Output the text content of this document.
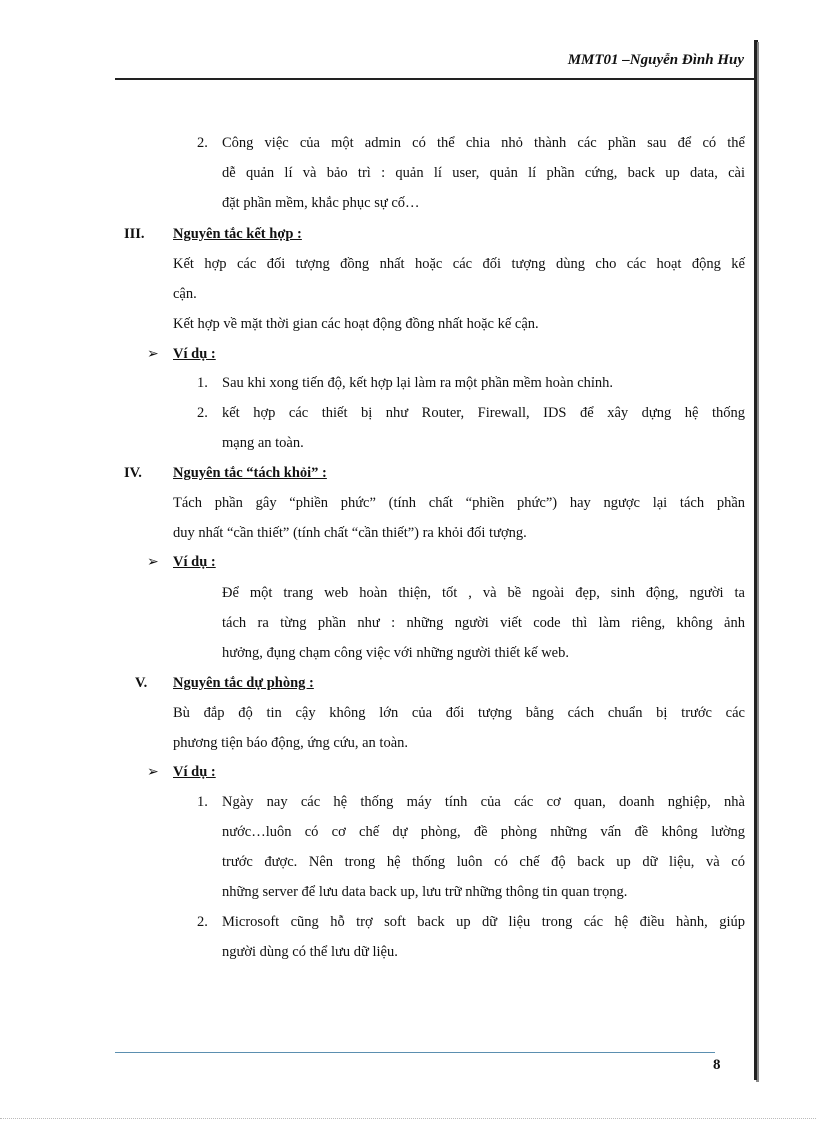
MMT01 –Nguyễn Đình Huy
2. Công việc của một admin có thể chia nhỏ thành các phần sau để có thể
dễ quản lí và bảo trì : quản lí user, quản lí phần cứng, back up data, cài
đặt phần mềm, khắc phục sự cố…
III. Nguyên tắc kết hợp :
Kết hợp các đối tượng đồng nhất hoặc các đối tượng dùng cho các hoạt động kế
cận.
Kết hợp về mặt thời gian các hoạt động đồng nhất hoặc kế cận.
➢ Ví dụ :
1. Sau khi xong tiến độ, kết hợp lại làm ra một phần mềm hoàn chỉnh.
2. kết hợp các thiết bị như Router, Firewall, IDS để xây dựng hệ thống
mạng an toàn.
IV. Nguyên tắc “tách khỏi” :
Tách phần gây “phiền phức” (tính chất “phiền phức”) hay ngược lại tách phần
duy nhất “cần thiết” (tính chất “cần thiết”) ra khỏi đối tượng.
➢ Ví dụ :
Để một trang web hoàn thiện, tốt , và bề ngoài đẹp, sinh động, người ta
tách ra từng phần như : những người viết code thì làm riêng, không ảnh
hưởng, đụng chạm công việc với những người thiết kế web.
V. Nguyên tắc dự phòng :
Bù đắp độ tin cậy không lớn của đối tượng bằng cách chuẩn bị trước các
phương tiện báo động, ứng cứu, an toàn.
➢ Ví dụ :
1. Ngày nay các hệ thống máy tính của các cơ quan, doanh nghiệp, nhà
nước…luôn có cơ chế dự phòng, đề phòng những vấn đề không lường
trước được. Nên trong hệ thống luôn có chế độ back up dữ liệu, và có
những server để lưu data back up, lưu trữ những thông tin quan trọng.
2. Microsoft cũng hỗ trợ soft back up dữ liệu trong các hệ điều hành, giúp
người dùng có thể lưu dữ liệu.
8
